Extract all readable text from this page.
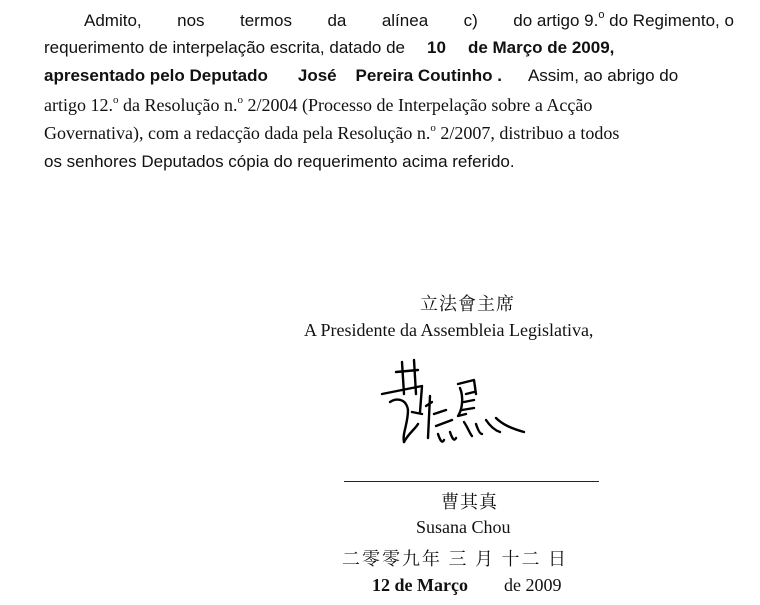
Admito, nos termos da alínea c) do artigo 9.$^o$ do Regimento, o
requerimento de interpelação escrita, datado de 10 de Março de 2009,
apresentado pelo Deputado José    Pereira Coutinho . Assim, ao abrigo do
artigo 12.$^o$ da Resolução n.$^o$ 2/2004 (Processo de Interpelação sobre a Acção
Governativa), com a redacção dada pela Resolução n.$^o$ 2/2007, distribuo a todos
os senhores Deputados cópia do requerimento acima referido.
立法會主席
A Presidente da Assembleia Legislativa,
曹其真
Susana Chou
二零零九年 三 月 十二 日
12 de Março de 2009
